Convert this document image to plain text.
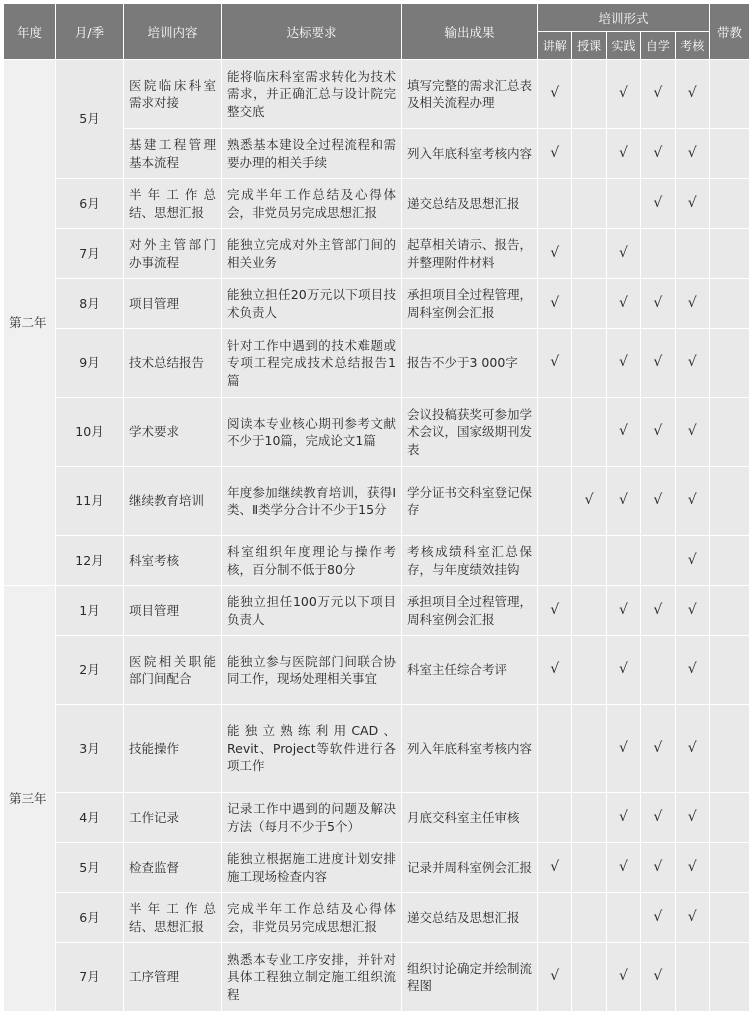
年度	月/季	培训内容	达标要求	输出成果	培训形式					带教
					讲解	授课	实践	自学	考核	
第二年	5月	医院临床科室需求对接	能将临床科室需求转化为技术需求，并正确汇总与设计院完整交底	填写完整的需求汇总表及相关流程办理	√		√	√	√	
		基建工程管理基本流程	熟悉基本建设全过程流程和需要办理的相关手续	列入年底科室考核内容	√		√	√	√	
	6月	半年工作总结、思想汇报	完成半年工作总结及心得体会，非党员另完成思想汇报	递交总结及思想汇报				√	√	
	7月	对外主管部门办事流程	能独立完成对外主管部门间的相关业务	起草相关请示、报告，并整理附件材料	√		√			
	8月	项目管理	能独立担任20万元以下项目技术负责人	承担项目全过程管理，周科室例会汇报	√		√	√	√	
	9月	技术总结报告	针对工作中遇到的技术难题或专项工程完成技术总结报告1篇	报告不少于3 000字	√		√	√	√	
	10月	学术要求	阅读本专业核心期刊参考文献不少于10篇，完成论文1篇	会议投稿获奖可参加学术会议，国家级期刊发表			√	√	√	
	11月	继续教育培训	年度参加继续教育培训，获得Ⅰ类、Ⅱ类学分合计不少于15分	学分证书交科室登记保存		√	√	√	√	
	12月	科室考核	科室组织年度理论与操作考核，百分制不低于80分	考核成绩科室汇总保存，与年度绩效挂钩					√	
第三年	1月	项目管理	能独立担任100万元以下项目负责人	承担项目全过程管理，周科室例会汇报	√		√	√	√	
	2月	医院相关职能部门间配合	能独立参与医院部门间联合协同工作，现场处理相关事宜	科室主任综合考评	√		√		√	
	3月	技能操作	能独立熟练利用CAD、Revit、Project等软件进行各项工作	列入年底科室考核内容			√	√	√	
	4月	工作记录	记录工作中遇到的问题及解决方法（每月不少于5个）	月底交科室主任审核			√	√	√	
	5月	检查监督	能独立根据施工进度计划安排施工现场检查内容	记录并周科室例会汇报	√		√	√	√	
	6月	半年工作总结、思想汇报	完成半年工作总结及心得体会，非党员另完成思想汇报	递交总结及思想汇报				√	√	
	7月	工序管理	熟悉本专业工序安排，并针对具体工程独立制定施工组织流程	组织讨论确定并绘制流程图	√		√	√		
